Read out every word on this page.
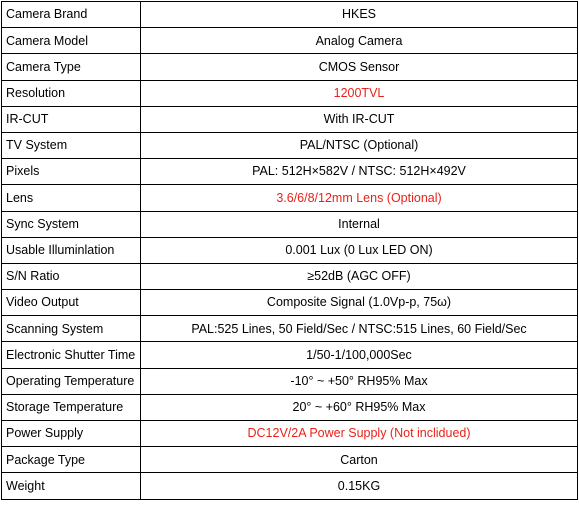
Camera Brand	HKES
Camera Model	Analog Camera
Camera Type	CMOS Sensor
Resolution	1200TVL
IR-CUT	With IR-CUT
TV System	PAL/NTSC (Optional)
Pixels	PAL: 512H×582V / NTSC: 512H×492V
Lens	3.6/6/8/12mm Lens (Optional)
Sync System	Internal
Usable Illuminlation	0.001 Lux (0 Lux LED ON)
S/N Ratio	≥52dB (AGC OFF)
Video Output	Composite Signal (1.0Vp-p, 75ω)
Scanning System	PAL:525 Lines, 50 Field/Sec / NTSC:515 Lines, 60 Field/Sec
Electronic Shutter Time	1/50-1/100,000Sec
Operating Temperature	-10° ~ +50° RH95% Max
Storage Temperature	20° ~ +60° RH95% Max
Power Supply	DC12V/2A Power Supply (Not inclidued)
Package Type	Carton
Weight	0.15KG
